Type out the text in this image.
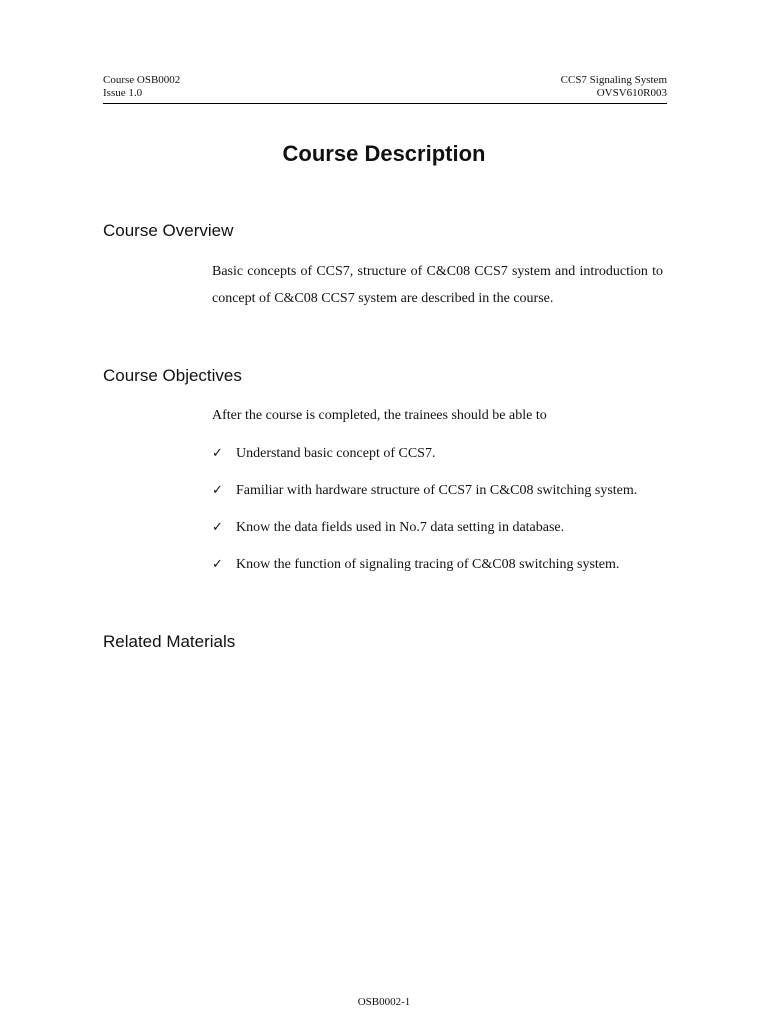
Course OSB0002
Issue 1.0
CCS7 Signaling System
OVSV610R003
Course Description
Course Overview

Basic concepts of CCS7, structure of C&C08 CCS7 system and introduction to concept of C&C08 CCS7 system are described in the course.

Course Objectives

After the course is completed, the trainees should be able to

✓ Understand basic concept of CCS7.
✓ Familiar with hardware structure of CCS7 in C&C08 switching system.
✓ Know the data fields used in No.7 data setting in database.
✓ Know the function of signaling tracing of C&C08 switching system.
Related Materials
OSB0002-1
